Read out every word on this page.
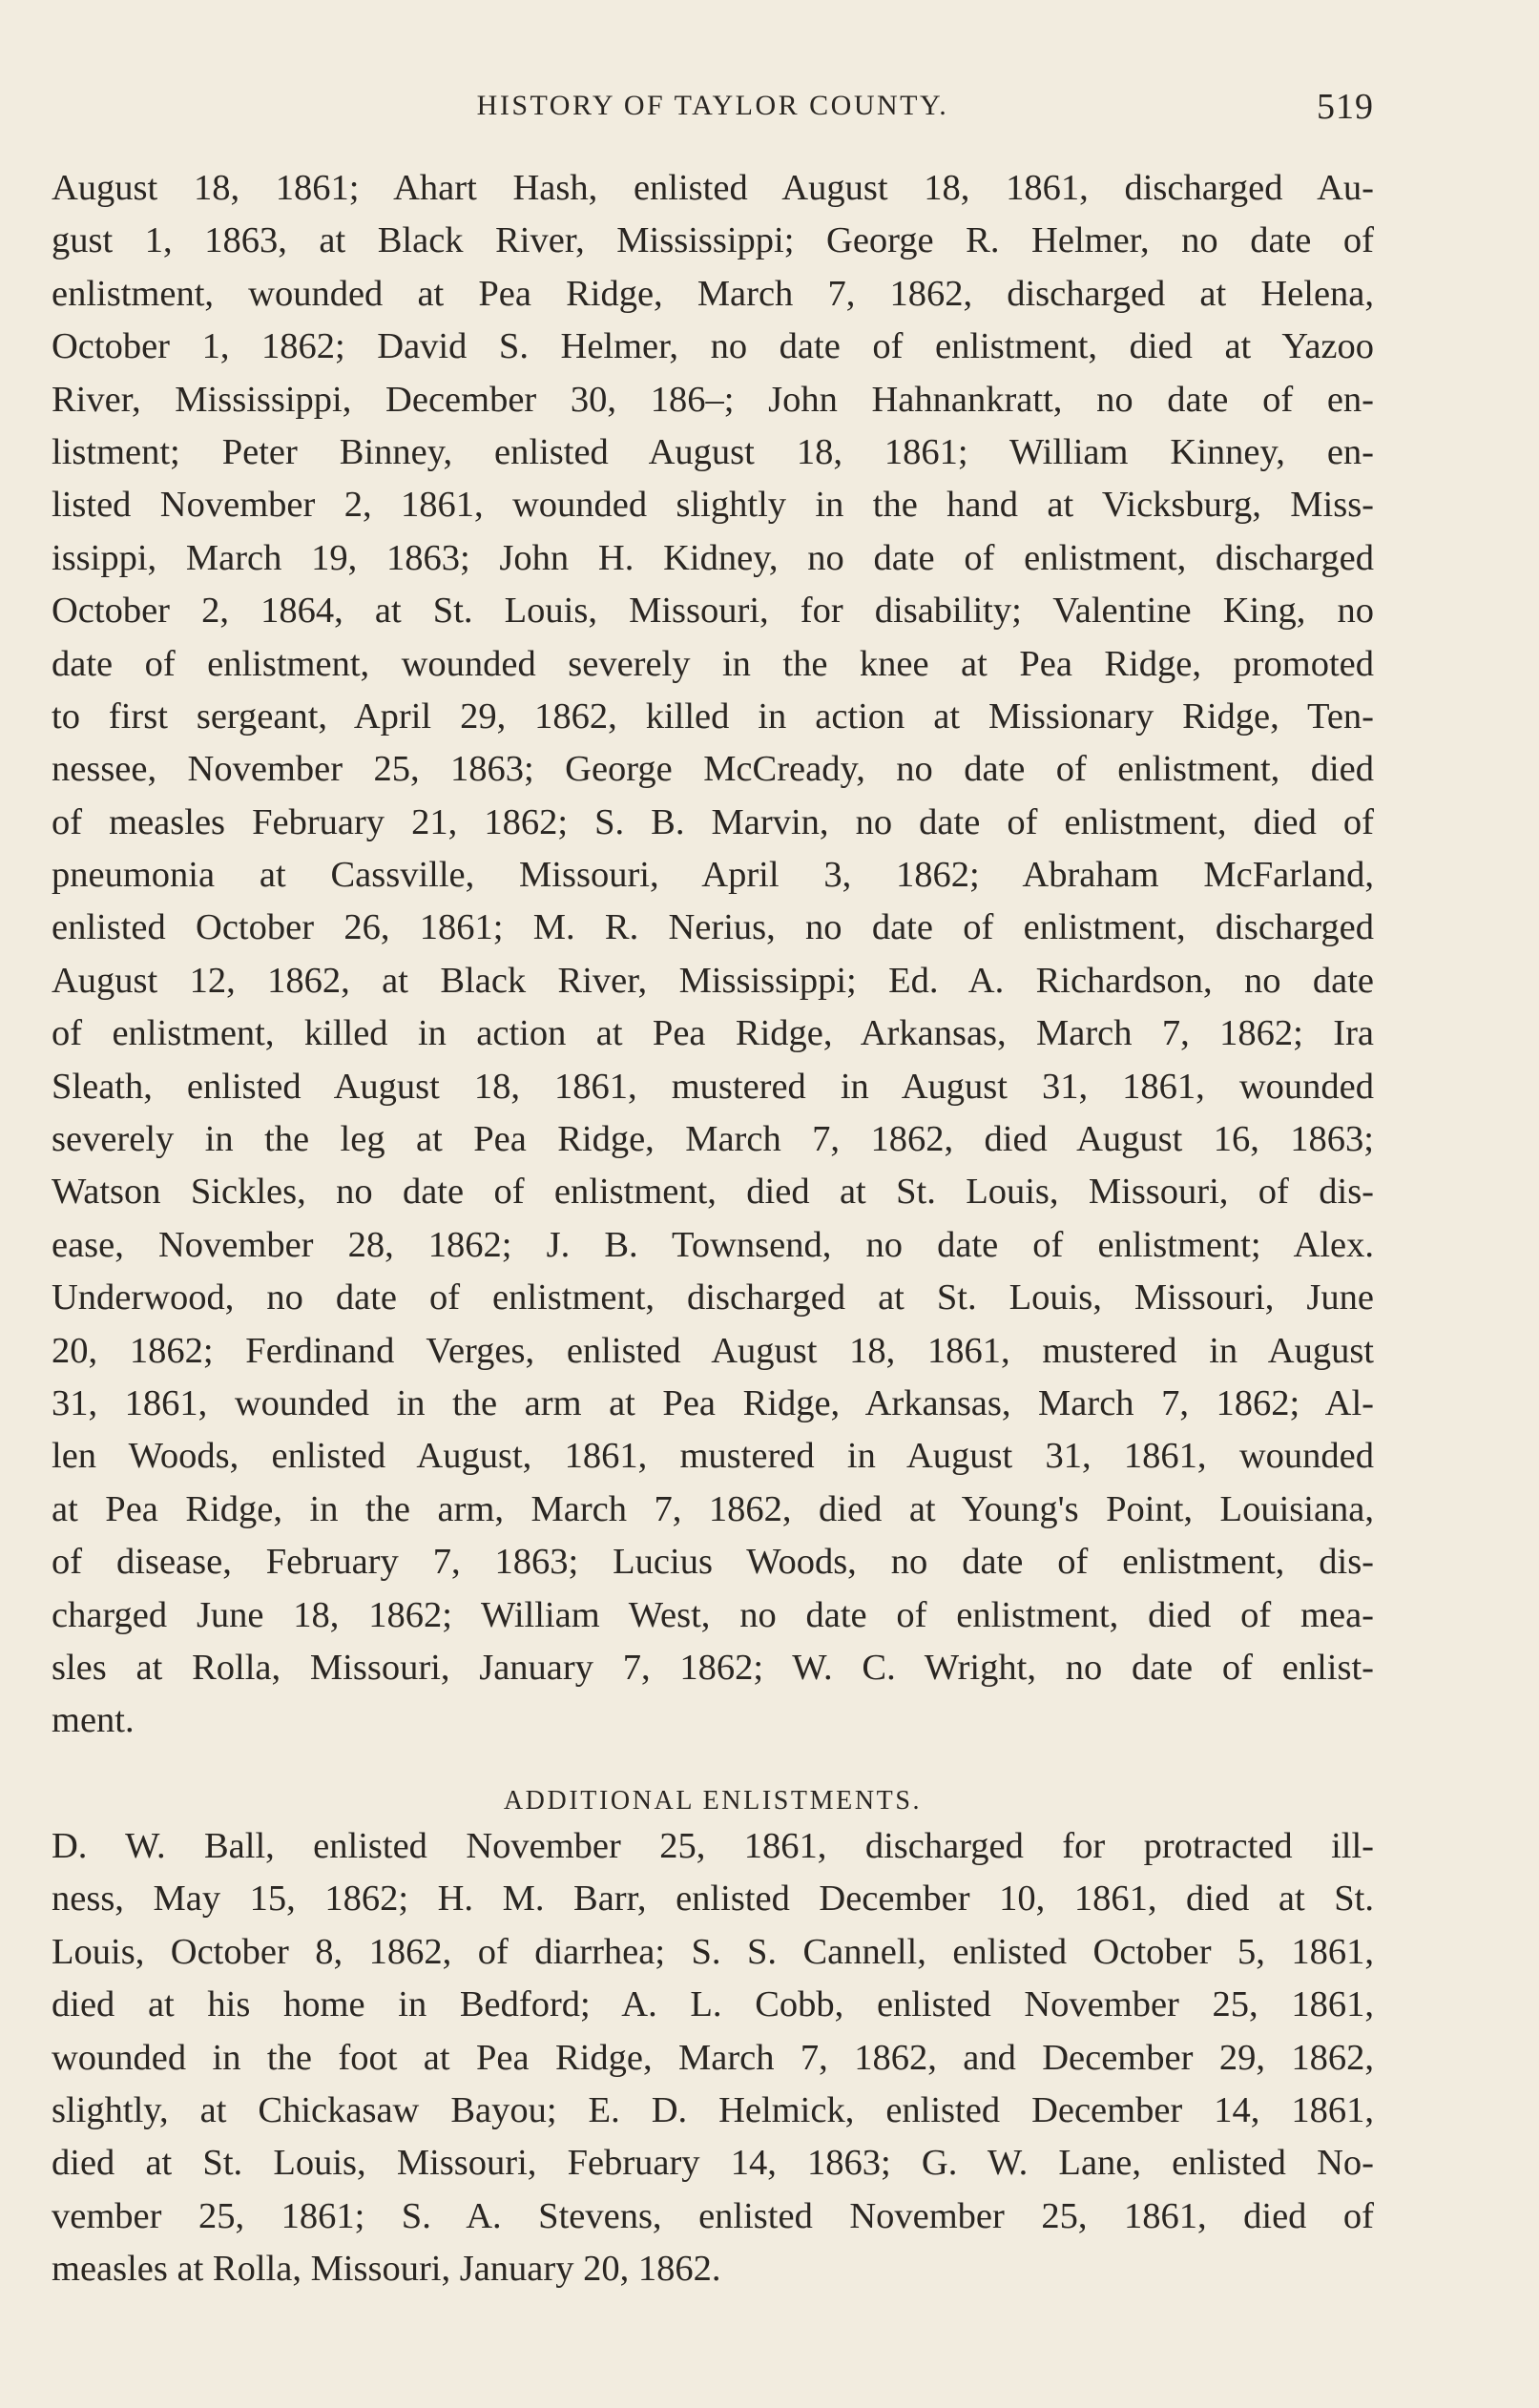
HISTORY OF TAYLOR COUNTY.	519
August 18, 1861; Ahart Hash, enlisted August 18, 1861, discharged Au-
gust 1, 1863, at Black River, Mississippi; George R. Helmer, no date of
enlistment, wounded at Pea Ridge, March 7, 1862, discharged at Helena,
October 1, 1862; David S. Helmer, no date of enlistment, died at Yazoo
River, Mississippi, December 30, 186–; John Hahnankratt, no date of en-
listment; Peter Binney, enlisted August 18, 1861; William Kinney, en-
listed November 2, 1861, wounded slightly in the hand at Vicksburg, Miss-
issippi, March 19, 1863; John H. Kidney, no date of enlistment, discharged
October 2, 1864, at St. Louis, Missouri, for disability; Valentine King, no
date of enlistment, wounded severely in the knee at Pea Ridge, promoted
to first sergeant, April 29, 1862, killed in action at Missionary Ridge, Ten-
nessee, November 25, 1863; George McCready, no date of enlistment, died
of measles February 21, 1862; S. B. Marvin, no date of enlistment, died of
pneumonia at Cassville, Missouri, April 3, 1862; Abraham McFarland,
enlisted October 26, 1861; M. R. Nerius, no date of enlistment, discharged
August 12, 1862, at Black River, Mississippi; Ed. A. Richardson, no date
of enlistment, killed in action at Pea Ridge, Arkansas, March 7, 1862; Ira
Sleath, enlisted August 18, 1861, mustered in August 31, 1861, wounded
severely in the leg at Pea Ridge, March 7, 1862, died August 16, 1863;
Watson Sickles, no date of enlistment, died at St. Louis, Missouri, of dis-
ease, November 28, 1862; J. B. Townsend, no date of enlistment; Alex.
Underwood, no date of enlistment, discharged at St. Louis, Missouri, June
20, 1862; Ferdinand Verges, enlisted August 18, 1861, mustered in August
31, 1861, wounded in the arm at Pea Ridge, Arkansas, March 7, 1862; Al-
len Woods, enlisted August, 1861, mustered in August 31, 1861, wounded
at Pea Ridge, in the arm, March 7, 1862, died at Young's Point, Louisiana,
of disease, February 7, 1863; Lucius Woods, no date of enlistment, dis-
charged June 18, 1862; William West, no date of enlistment, died of mea-
sles at Rolla, Missouri, January 7, 1862; W. C. Wright, no date of enlist-
ment.
ADDITIONAL ENLISTMENTS.
D. W. Ball, enlisted November 25, 1861, discharged for protracted ill-
ness, May 15, 1862; H. M. Barr, enlisted December 10, 1861, died at St.
Louis, October 8, 1862, of diarrhea; S. S. Cannell, enlisted October 5, 1861,
died at his home in Bedford; A. L. Cobb, enlisted November 25, 1861,
wounded in the foot at Pea Ridge, March 7, 1862, and December 29, 1862,
slightly, at Chickasaw Bayou; E. D. Helmick, enlisted December 14, 1861,
died at St. Louis, Missouri, February 14, 1863; G. W. Lane, enlisted No-
vember 25, 1861; S. A. Stevens, enlisted November 25, 1861, died of
measles at Rolla, Missouri, January 20, 1862.
